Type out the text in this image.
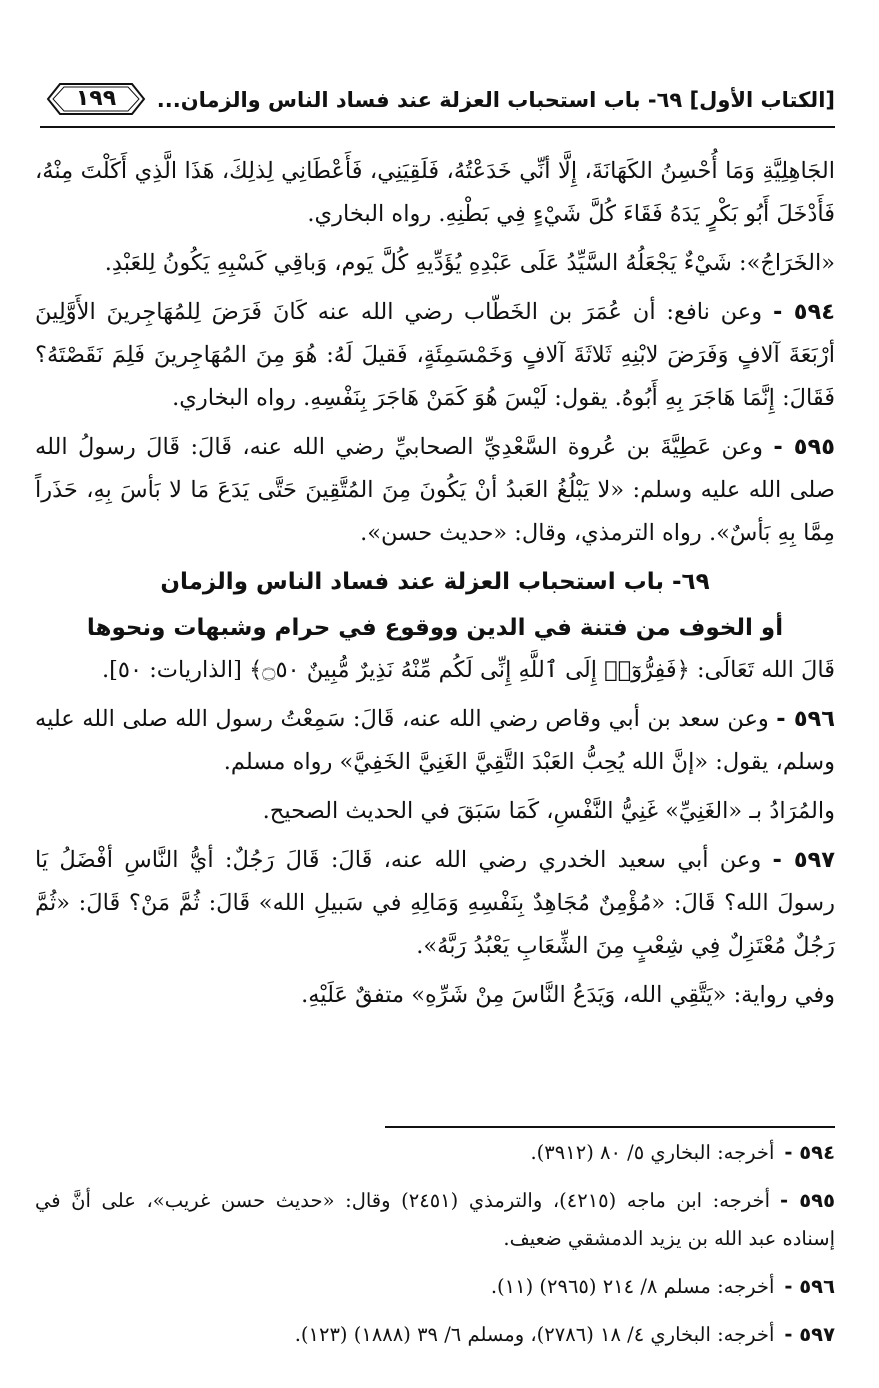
[الكتاب الأول] ٦٩- باب استحباب العزلة عند فساد الناس والزمان...
١٩٩

الجَاهِلِيَّةِ وَمَا أُحْسِنُ الكَهَانَةَ، إِلَّا أنِّي خَدَعْتُهُ، فَلَقِيَنِي، فَأَعْطَانِي لِذلِكَ، هَذَا الَّذِي أَكَلْتَ مِنْهُ، فَأَدْخَلَ أَبُو بَكْرٍ يَدَهُ فَقَاءَ كُلَّ شَيْءٍ فِي بَطْنِهِ. رواه البخاري.

«الخَرَاجُ»: شَيْءٌ يَجْعَلُهُ السَّيِّدُ عَلَى عَبْدِهِ يُؤَدِّيهِ كُلَّ يَوم، وَباقِي كَسْبِهِ يَكُونُ لِلعَبْدِ.

٥٩٤ - وعن نافع: أن عُمَرَ بن الخَطّاب رضي الله عنه كَانَ فَرَضَ لِلمُهَاجِرينَ الأَوَّلِينَ أرْبَعَةَ آلافٍ وَفَرَضَ لابْنِهِ ثَلاثَةَ آلافٍ وَخَمْسَمِئَةٍ، فَقيلَ لَهُ: هُوَ مِنَ المُهَاجِرينَ فَلِمَ نَقَصْتَهُ؟ فَقَالَ: إِنَّمَا هَاجَرَ بِهِ أَبُوهُ. يقول: لَيْسَ هُوَ كَمَنْ هَاجَرَ بِنَفْسِهِ. رواه البخاري.

٥٩٥ - وعن عَطِيَّةَ بن عُروة السَّعْدِيِّ الصحابيِّ رضي الله عنه، قَالَ: قَالَ رسولُ الله صلى الله عليه وسلم: «لا يَبْلُغُ العَبدُ أنْ يَكُونَ مِنَ المُتَّقِينَ حَتَّى يَدَعَ مَا لا بَأسَ بِهِ، حَذَراً مِمَّا بِهِ بَأسٌ». رواه الترمذي، وقال: «حديث حسن».

٦٩- باب استحباب العزلة عند فساد الناس والزمان
أو الخوف من فتنة في الدين ووقوع في حرام وشبهات ونحوها

قَالَ الله تَعَالَى: ﴿فَفِرُّوٓا۟ إِلَى ٱللَّهِ إِنِّى لَكُم مِّنْهُ نَذِيرٌ مُّبِينٌ ۝٥٠﴾ [الذاريات: ٥٠].

٥٩٦ - وعن سعد بن أبي وقاص رضي الله عنه، قَالَ: سَمِعْتُ رسول الله صلى الله عليه وسلم، يقول: «إنَّ الله يُحِبُّ العَبْدَ التَّقِيَّ الغَنِيَّ الخَفِيَّ» رواه مسلم.

والمُرَادُ بـ «الغَنِيِّ» غَنِيُّ النَّفْسِ، كَمَا سَبَقَ في الحديث الصحيح.

٥٩٧ - وعن أبي سعيد الخدري رضي الله عنه، قَالَ: قَالَ رَجُلٌ: أيُّ النَّاسِ أفْضَلُ يَا رسولَ الله؟ قَالَ: «مُؤْمِنٌ مُجَاهِدٌ بِنَفْسِهِ وَمَالِهِ في سَبيلِ الله» قَالَ: ثُمَّ مَنْ؟ قَالَ: «ثُمَّ رَجُلٌ مُعْتَزِلٌ فِي شِعْبٍ مِنَ الشِّعَابِ يَعْبُدُ رَبَّهُ».

وفي رواية: «يَتَّقِي الله، وَيَدَعُ النَّاسَ مِنْ شَرِّهِ» متفقٌ عَلَيْهِ.

٥٩٤ -أخرجه: البخاري ٥/ ٨٠ (٣٩١٢).
٥٩٥ -أخرجه: ابن ماجه (٤٢١٥)، والترمذي (٢٤٥١) وقال: «حديث حسن غريب»، على أنَّ في إسناده عبد الله بن يزيد الدمشقي ضعيف.
٥٩٦ -أخرجه: مسلم ٨/ ٢١٤ (٢٩٦٥) (١١).
٥٩٧ -أخرجه: البخاري ٤/ ١٨ (٢٧٨٦)، ومسلم ٦/ ٣٩ (١٨٨٨) (١٢٣).
